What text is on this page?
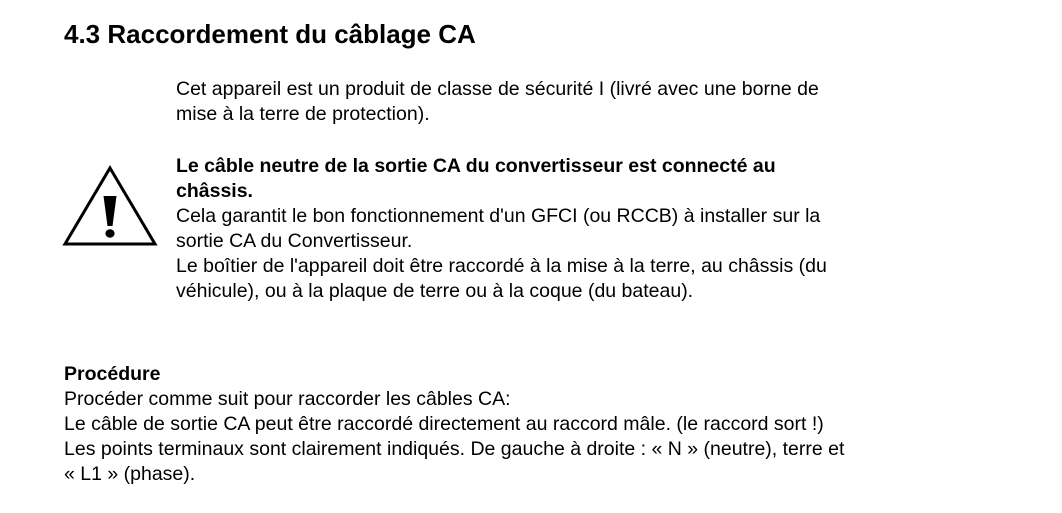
4.3 Raccordement du câblage CA

Cet appareil est un produit de classe de sécurité I (livré avec une borne de
mise à la terre de protection).

Le câble neutre de la sortie CA du convertisseur est connecté au
châssis.
Cela garantit le bon fonctionnement d'un GFCI (ou RCCB) à installer sur la
sortie CA du Convertisseur.
Le boîtier de l'appareil doit être raccordé à la mise à la terre, au châssis (du
véhicule), ou à la plaque de terre ou à la coque (du bateau).
Procédure
Procéder comme suit pour raccorder les câbles CA:
Le câble de sortie CA peut être raccordé directement au raccord mâle. (le raccord sort !)
Les points terminaux sont clairement indiqués. De gauche à droite : « N » (neutre), terre et
« L1 » (phase).
